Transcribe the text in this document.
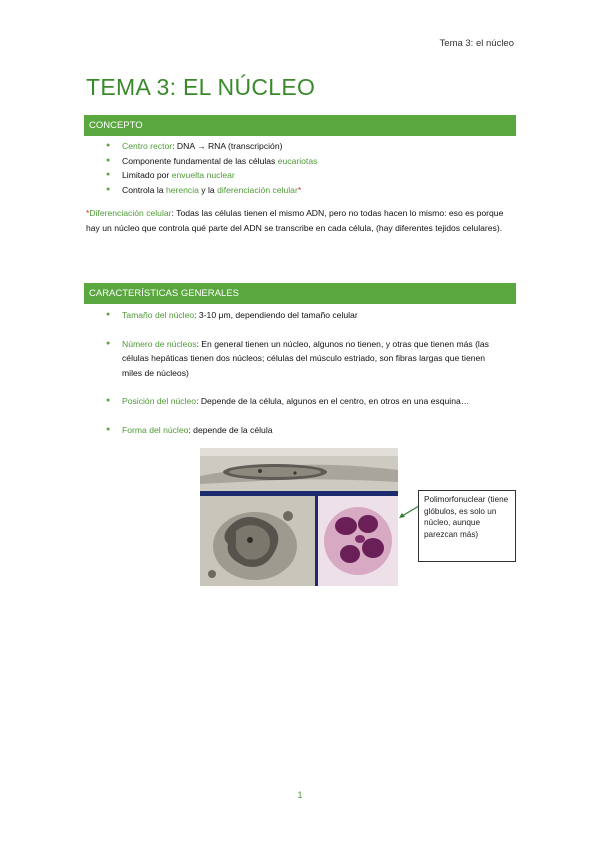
Tema 3: el núcleo
TEMA 3: EL NÚCLEO
CONCEPTO
● Centro rector: DNA → RNA (transcripción)
● Componente fundamental de las células eucariotas
● Limitado por envuelta nuclear
● Controla la herencia y la diferenciación celular*

*Diferenciación celular: Todas las células tienen el mismo ADN, pero no todas hacen lo mismo: eso es porque hay un núcleo que controla qué parte del ADN se transcribe en cada célula, (hay diferentes tejidos celulares).

CARACTERÍSTICAS GENERALES
● Tamaño del núcleo: 3-10 μm, dependiendo del tamaño celular
● Número de núcleos: En general tienen un núcleo, algunos no tienen, y otras que tienen más (las células hepáticas tienen dos núcleos; células del músculo estriado, son fibras largas que tienen miles de núcleos)
● Posición del núcleo: Depende de la célula, algunos en el centro, en otros en una esquina…
● Forma del núcleo: depende de la célula
Polimorfonuclear (tiene glóbulos, es solo un núcleo, aunque parezcan más)
1
